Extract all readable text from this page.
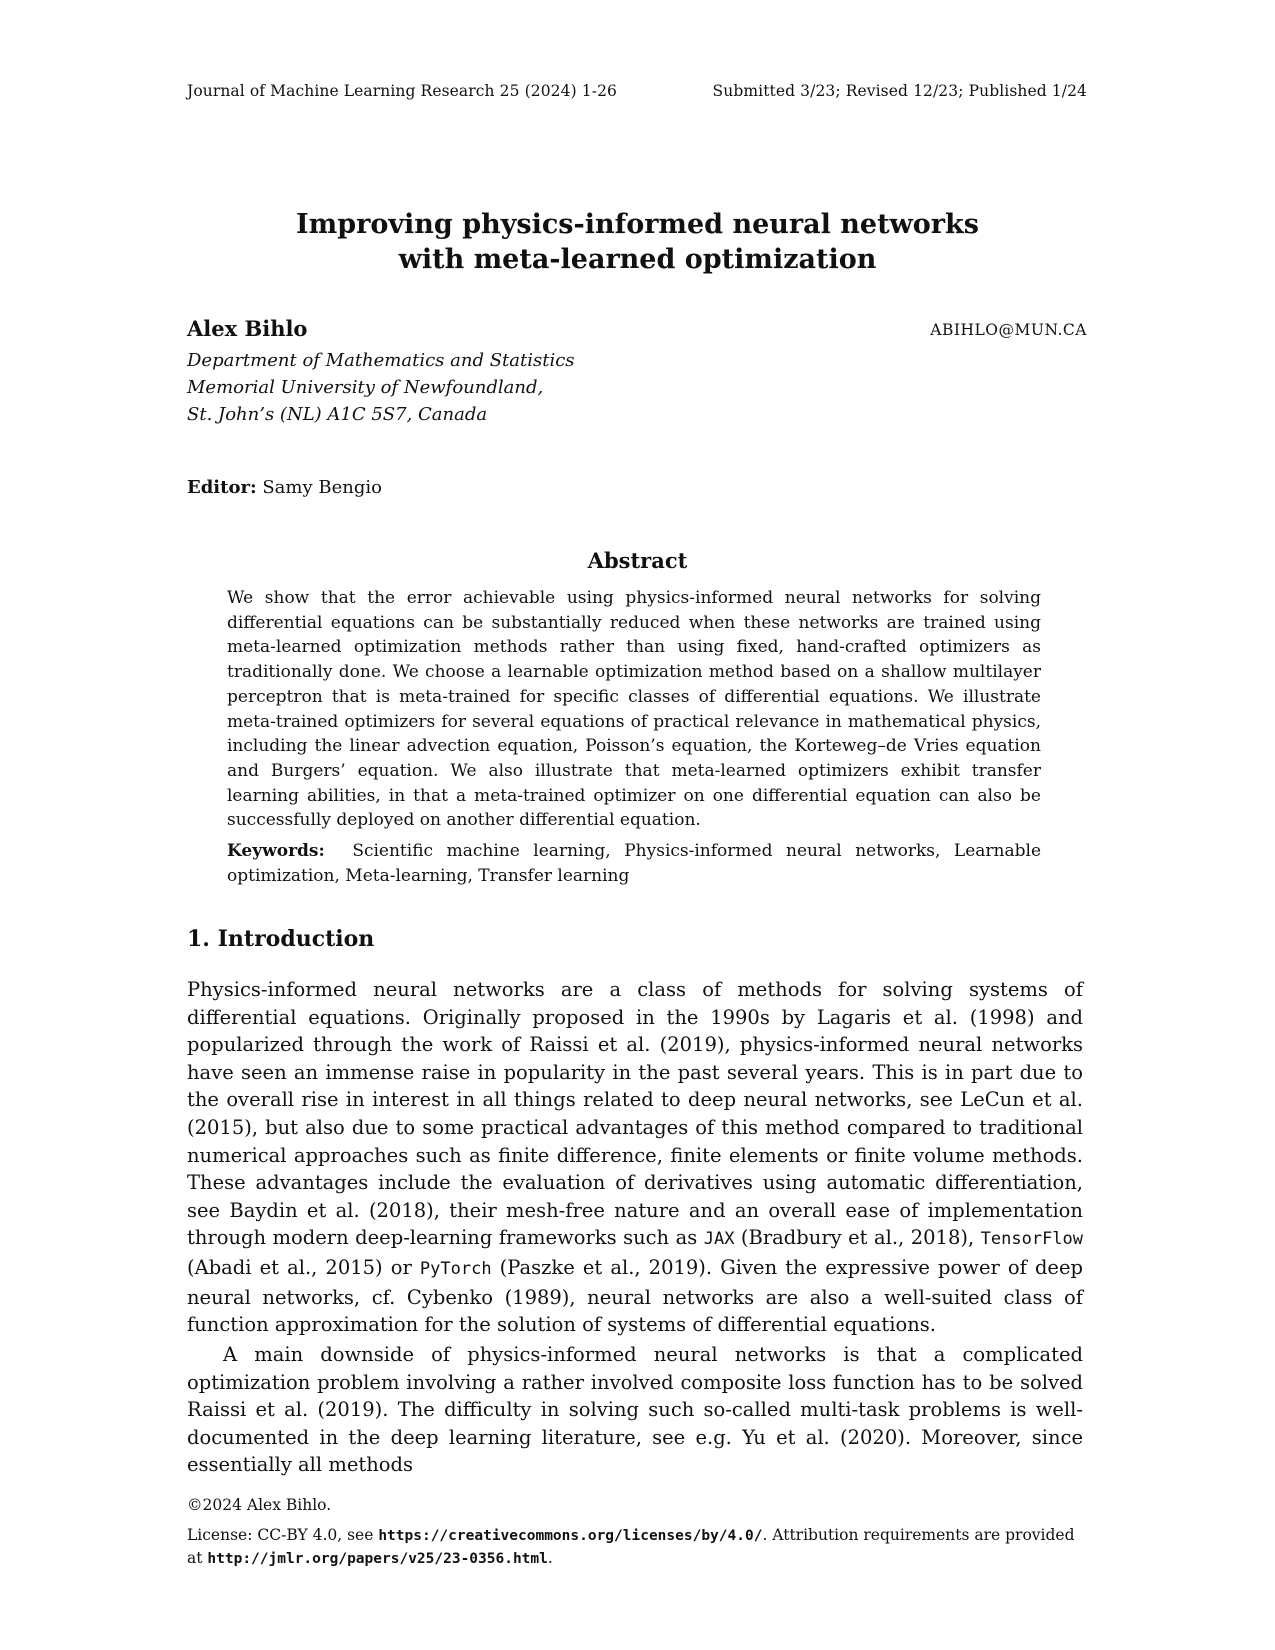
Journal of Machine Learning Research 25 (2024) 1-26	Submitted 3/23; Revised 12/23; Published 1/24
Improving physics-informed neural networks
with meta-learned optimization
Alex Bihlo	ABIHLO@MUN.CA
Department of Mathematics and Statistics
Memorial University of Newfoundland,
St. John’s (NL) A1C 5S7, Canada
Editor: Samy Bengio
Abstract
We show that the error achievable using physics-informed neural networks for solving differential equations can be substantially reduced when these networks are trained using meta-learned optimization methods rather than using fixed, hand-crafted optimizers as traditionally done. We choose a learnable optimization method based on a shallow multilayer perceptron that is meta-trained for specific classes of differential equations. We illustrate meta-trained optimizers for several equations of practical relevance in mathematical physics, including the linear advection equation, Poisson’s equation, the Korteweg–de Vries equation and Burgers’ equation. We also illustrate that meta-learned optimizers exhibit transfer learning abilities, in that a meta-trained optimizer on one differential equation can also be successfully deployed on another differential equation.
Keywords: Scientific machine learning, Physics-informed neural networks, Learnable optimization, Meta-learning, Transfer learning
1. Introduction
Physics-informed neural networks are a class of methods for solving systems of differential equations. Originally proposed in the 1990s by Lagaris et al. (1998) and popularized through the work of Raissi et al. (2019), physics-informed neural networks have seen an immense raise in popularity in the past several years. This is in part due to the overall rise in interest in all things related to deep neural networks, see LeCun et al. (2015), but also due to some practical advantages of this method compared to traditional numerical approaches such as finite difference, finite elements or finite volume methods. These advantages include the evaluation of derivatives using automatic differentiation, see Baydin et al. (2018), their mesh-free nature and an overall ease of implementation through modern deep-learning frameworks such as JAX (Bradbury et al., 2018), TensorFlow (Abadi et al., 2015) or PyTorch (Paszke et al., 2019). Given the expressive power of deep neural networks, cf. Cybenko (1989), neural networks are also a well-suited class of function approximation for the solution of systems of differential equations.
A main downside of physics-informed neural networks is that a complicated optimization problem involving a rather involved composite loss function has to be solved Raissi et al. (2019). The difficulty in solving such so-called multi-task problems is well-documented in the deep learning literature, see e.g. Yu et al. (2020). Moreover, since essentially all methods
©2024 Alex Bihlo.
License: CC-BY 4.0, see https://creativecommons.org/licenses/by/4.0/. Attribution requirements are provided at http://jmlr.org/papers/v25/23-0356.html.
